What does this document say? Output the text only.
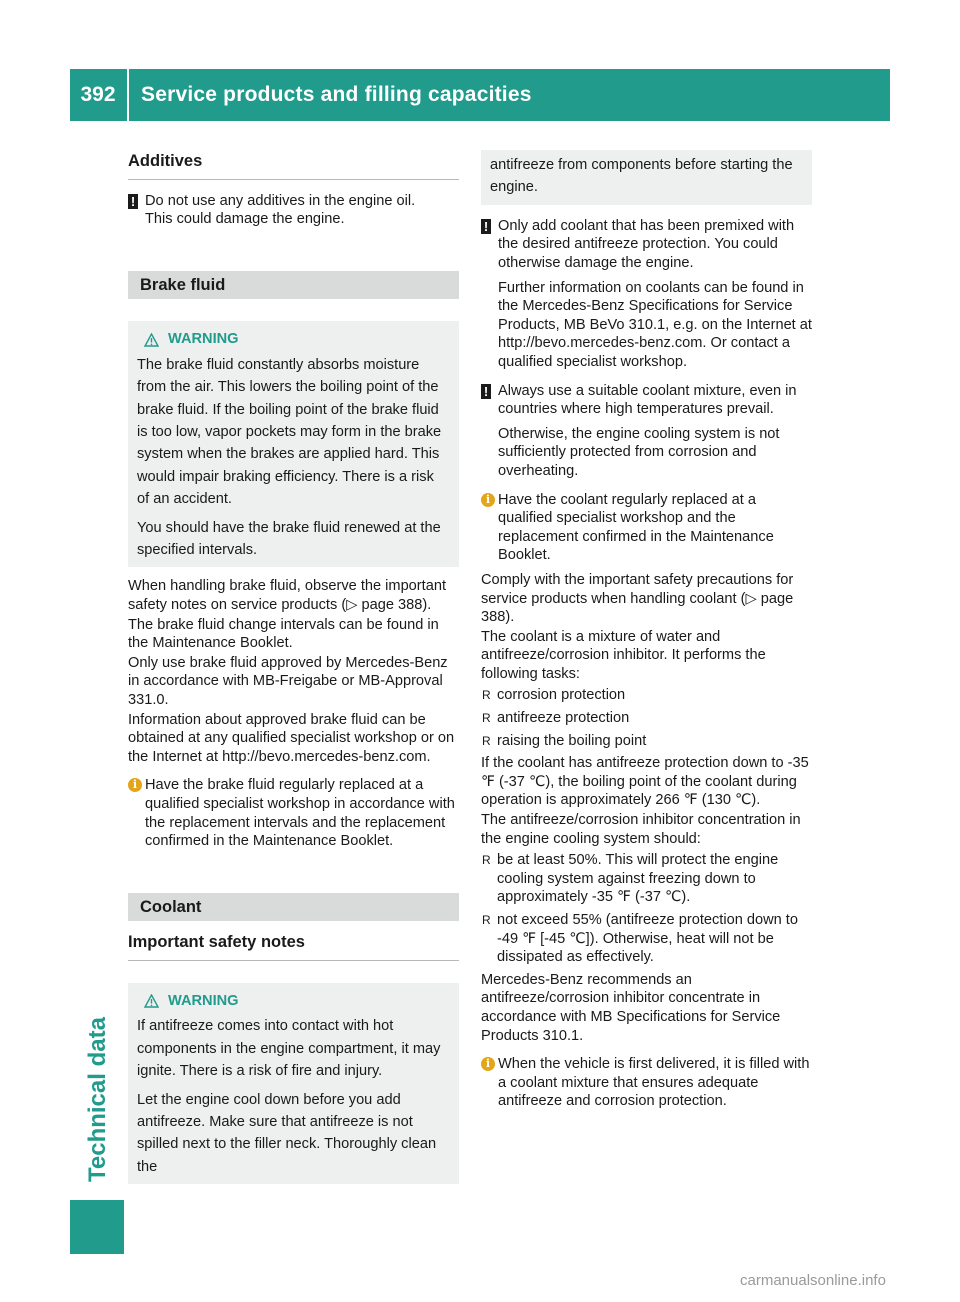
392	Service products and filling capacities
Technical data
Additives
! Do not use any additives in the engine oil.

This could damage the engine.

Brake fluid
WARNING

The brake fluid constantly absorbs moisture from the air. This lowers the boiling point of the brake fluid. If the boiling point of the brake fluid is too low, vapor pockets may form in the brake system when the brakes are applied hard. This would impair braking efficiency. There is a risk of an accident.

You should have the brake fluid renewed at the specified intervals.

When handling brake fluid, observe the important safety notes on service products (▷ page 388).

The brake fluid change intervals can be found in the Maintenance Booklet.

Only use brake fluid approved by Mercedes-Benz in accordance with MB-Freigabe or MB-Approval 331.0.

Information about approved brake fluid can be obtained at any qualified specialist workshop or on the Internet at http://bevo.mercedes-benz.com.

i Have the brake fluid regularly replaced at a qualified specialist workshop in accordance with the replacement intervals and the replacement confirmed in the Maintenance Booklet.

Coolant
Important safety notes
WARNING

If antifreeze comes into contact with hot components in the engine compartment, it may ignite. There is a risk of fire and injury.

Let the engine cool down before you add antifreeze. Make sure that antifreeze is not spilled next to the filler neck. Thoroughly clean the

antifreeze from components before starting the engine.

! Only add coolant that has been premixed with the desired antifreeze protection. You could otherwise damage the engine.

Further information on coolants can be found in the Mercedes-Benz Specifications for Service Products, MB BeVo 310.1, e.g. on the Internet at http://bevo.mercedes-benz.com. Or contact a qualified specialist workshop.

! Always use a suitable coolant mixture, even in countries where high temperatures prevail.

Otherwise, the engine cooling system is not sufficiently protected from corrosion and overheating.

i Have the coolant regularly replaced at a qualified specialist workshop and the replacement confirmed in the Maintenance Booklet.

Comply with the important safety precautions for service products when handling coolant (▷ page 388).

The coolant is a mixture of water and antifreeze/corrosion inhibitor. It performs the following tasks:

R corrosion protection
R antifreeze protection
R raising the boiling point

If the coolant has antifreeze protection down to -35 ℉ (-37 ℃), the boiling point of the coolant during operation is approximately 266 ℉ (130 ℃).

The antifreeze/corrosion inhibitor concentration in the engine cooling system should:

R be at least 50%. This will protect the engine cooling system against freezing down to approximately -35 ℉ (-37 ℃).
R not exceed 55% (antifreeze protection down to -49 ℉ [-45 ℃]). Otherwise, heat will not be dissipated as effectively.

Mercedes-Benz recommends an antifreeze/corrosion inhibitor concentrate in accordance with MB Specifications for Service Products 310.1.

i When the vehicle is first delivered, it is filled with a coolant mixture that ensures adequate antifreeze and corrosion protection.

carmanualsonline.info
